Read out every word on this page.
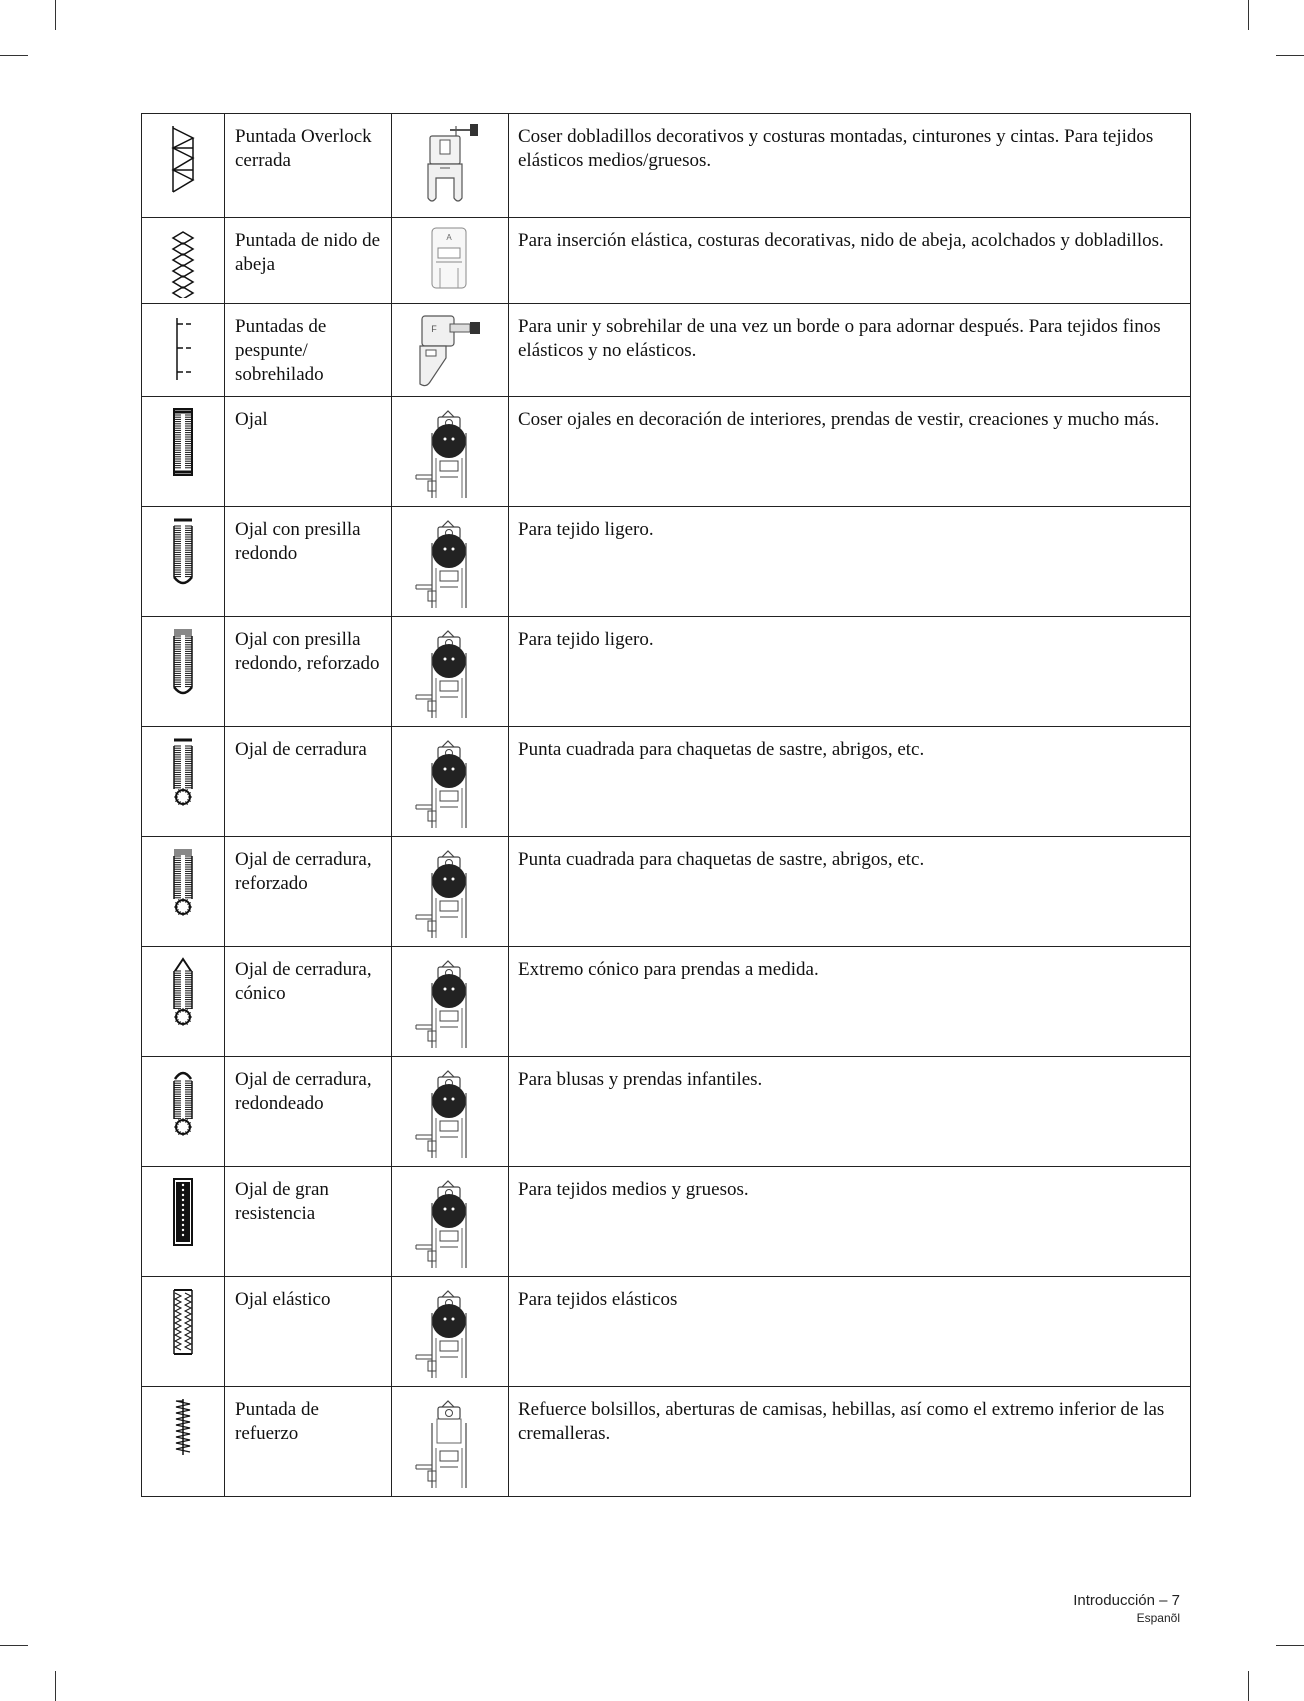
	Puntada Overlock cerrada		Coser dobladillos decorativos y costuras montadas, cinturones y cintas. Para tejidos elásticos medios/gruesos.

	Puntada de nido de abeja	A	Para inserción elástica, costuras decorativas, nido de abeja, acolchados y dobladillos.

	Puntadas de pespunte/ sobrehilado	F	Para unir y sobrehilar de una vez un borde o para adornar después. Para tejidos finos elásticos y no elásticos.

	Ojal		Coser ojales en decoración de interiores, prendas de vestir, creaciones y mucho más.

	Ojal con presilla redondo		Para tejido ligero.

	Ojal con presilla redondo, reforzado		Para tejido ligero.

	Ojal de cerradura		Punta cuadrada para chaquetas de sastre, abrigos, etc.

	Ojal de cerradura, reforzado		Punta cuadrada para chaquetas de sastre, abrigos, etc.

	Ojal de cerradura, cónico		Extremo cónico para prendas a medida.

	Ojal de cerradura, redondeado		Para blusas y prendas infantiles.

	Ojal de gran resistencia		Para tejidos medios y gruesos.

	Ojal elástico		Para tejidos elásticos

	Puntada de refuerzo		Refuerce bolsillos, aberturas de camisas, hebillas, así como el extremo inferior de las cremalleras.
Introducción – 7
Espanõl
